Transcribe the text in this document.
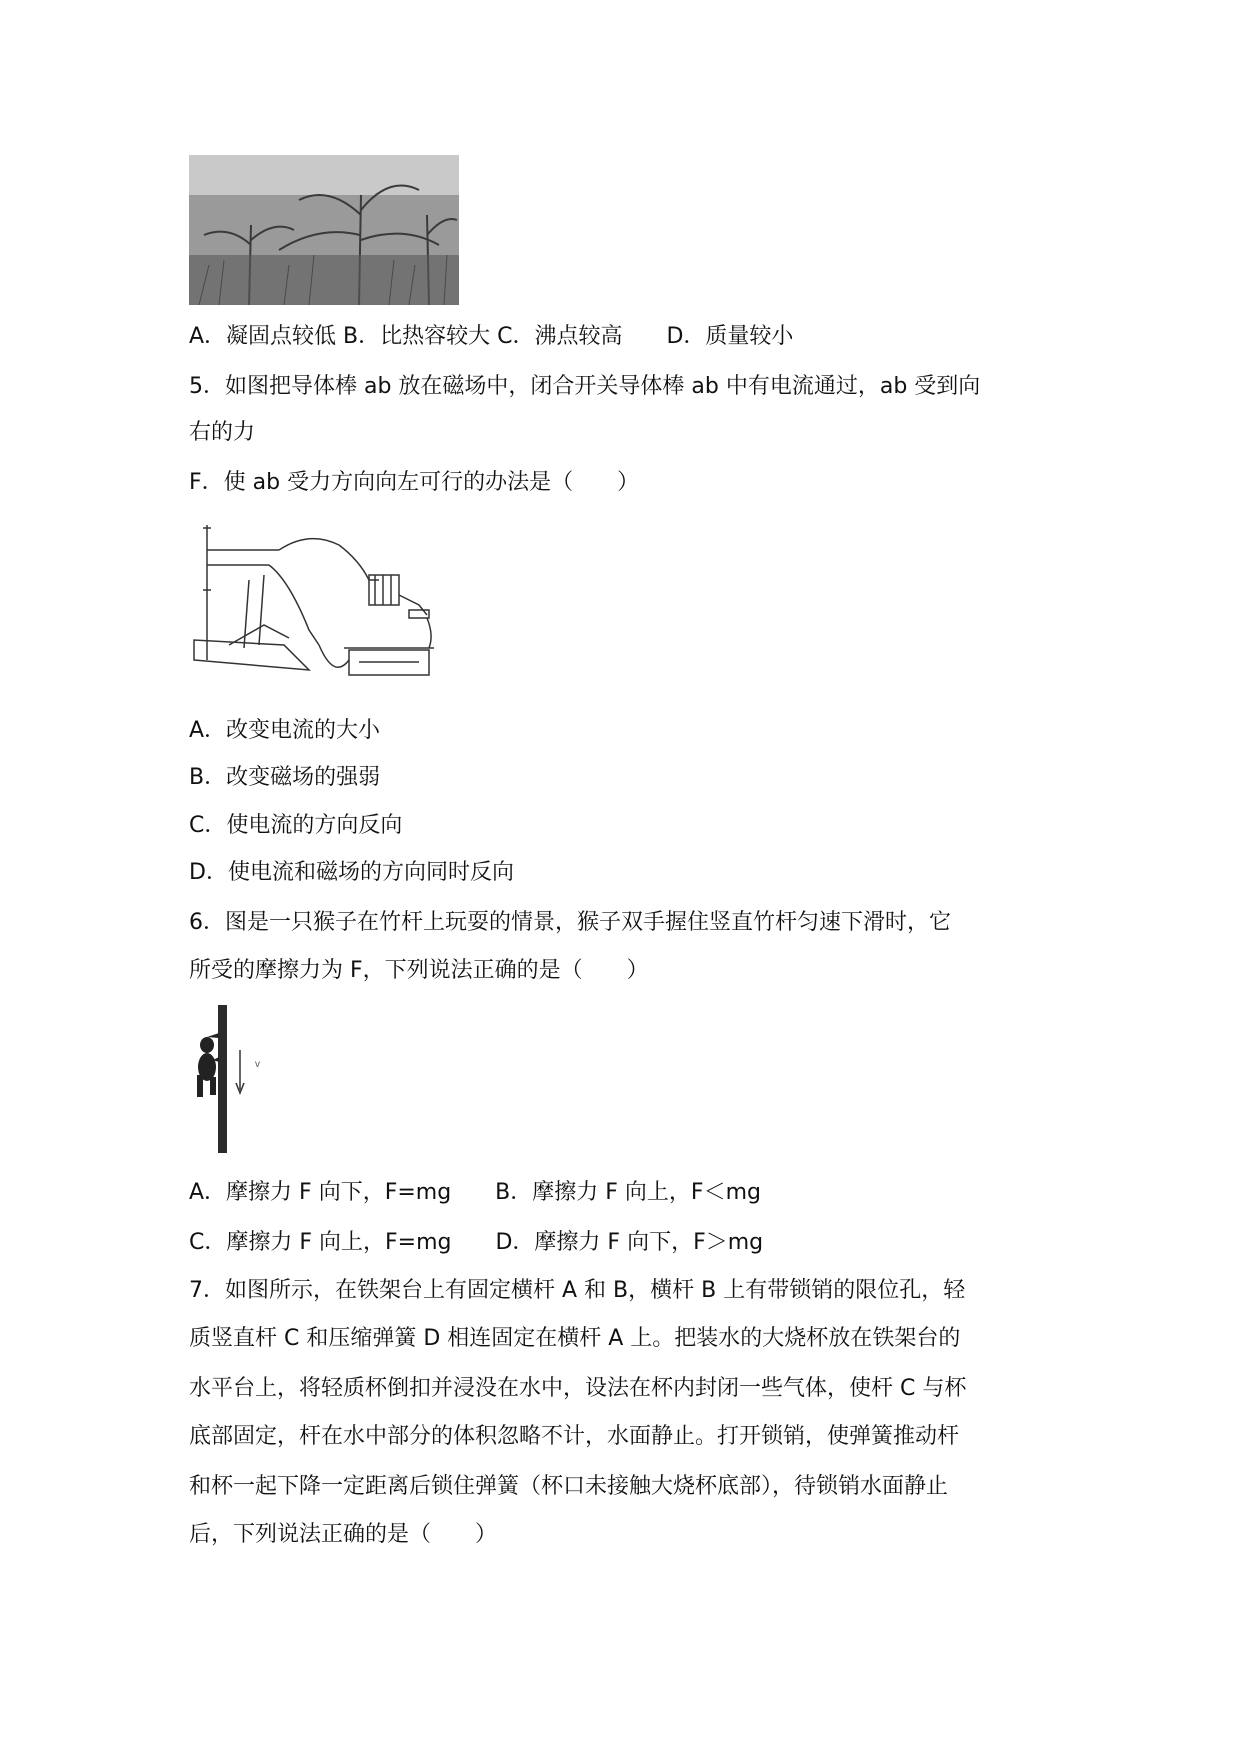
A．凝固点较低 B．比热容较大 C．沸点较高　　D．质量较小
5．如图把导体棒 ab 放在磁场中，闭合开关导体棒 ab 中有电流通过，ab 受到向
右的力
F．使 ab 受力方向向左可行的办法是（　　）
A．改变电流的大小
B．改变磁场的强弱
C．使电流的方向反向
D．使电流和磁场的方向同时反向
6．图是一只猴子在竹杆上玩耍的情景，猴子双手握住竖直竹杆匀速下滑时，它
所受的摩擦力为 F，下列说法正确的是（　　）
v
A．摩擦力 F 向下，F=mg　　B．摩擦力 F 向上，F＜mg
C．摩擦力 F 向上，F=mg　　D．摩擦力 F 向下，F＞mg
7．如图所示，在铁架台上有固定横杆 A 和 B，横杆 B 上有带锁销的限位孔，轻
质竖直杆 C 和压缩弹簧 D 相连固定在横杆 A 上。把装水的大烧杯放在铁架台的
水平台上，将轻质杯倒扣并浸没在水中，设法在杯内封闭一些气体，使杆 C 与杯
底部固定，杆在水中部分的体积忽略不计，水面静止。打开锁销，使弹簧推动杆
和杯一起下降一定距离后锁住弹簧（杯口未接触大烧杯底部），待锁销水面静止
后，下列说法正确的是（　　）
